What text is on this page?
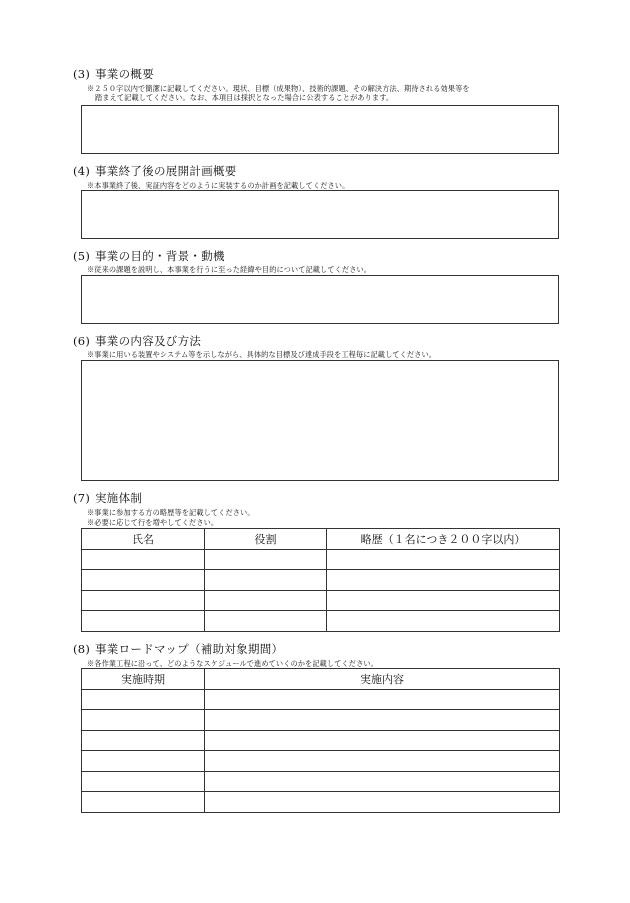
(3) 事業の概要
※２５０字以内で簡潔に記載してください。現状、目標（成果物）、技術的課題、その解決方法、期待される効果等を
踏まえて記載してください。なお、本項目は採択となった場合に公表することがあります。
(4) 事業終了後の展開計画概要
※本事業終了後、実証内容をどのように実装するのか計画を記載してください。
(5) 事業の目的・背景・動機
※従来の課題を説明し、本事業を行うに至った経緯や目的について記載してください。
(6) 事業の内容及び方法
※事業に用いる装置やシステム等を示しながら、具体的な目標及び達成手段を工程毎に記載してください。
(7) 実施体制
※事業に参加する方の略歴等を記載してください。
※必要に応じて行を増やしてください。
氏名	役割	略歴（１名につき２００字以内）

(8) 事業ロードマップ（補助対象期間）
※各作業工程に沿って、どのようなスケジュールで進めていくのかを記載してください。
実施時期	実施内容
